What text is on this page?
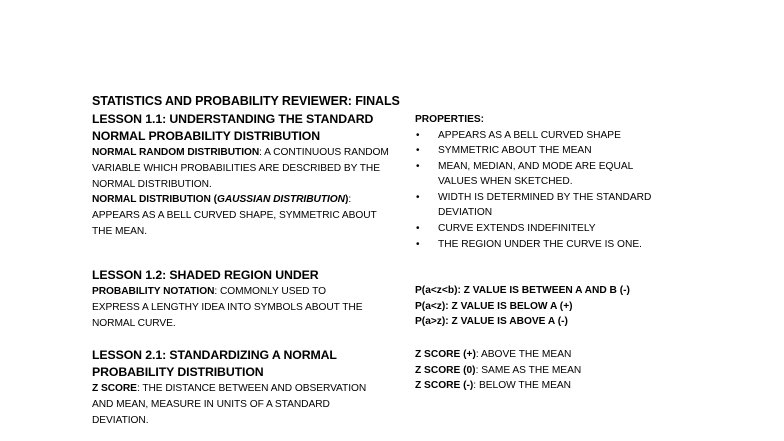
STATISTICS AND PROBABILITY REVIEWER: FINALS
LESSON 1.1: UNDERSTANDING THE STANDARD NORMAL PROBABILITY DISTRIBUTION
NORMAL RANDOM DISTRIBUTION: A CONTINUOUS RANDOM VARIABLE WHICH PROBABILITIES ARE DESCRIBED BY THE NORMAL DISTRIBUTION.
NORMAL DISTRIBUTION (GAUSSIAN DISTRIBUTION): APPEARS AS A BELL CURVED SHAPE, SYMMETRIC ABOUT THE MEAN.
PROPERTIES:
• APPEARS AS A BELL CURVED SHAPE
• SYMMETRIC ABOUT THE MEAN
• MEAN, MEDIAN, AND MODE ARE EQUAL VALUES WHEN SKETCHED.
• WIDTH IS DETERMINED BY THE STANDARD DEVIATION
• CURVE EXTENDS INDEFINITELY
• THE REGION UNDER THE CURVE IS ONE.
LESSON 1.2: SHADED REGION UNDER
PROBABILITY NOTATION: COMMONLY USED TO EXPRESS A LENGTHY IDEA INTO SYMBOLS ABOUT THE NORMAL CURVE.
P(a<z<b): Z VALUE IS BETWEEN A AND B (-)
P(a<z): Z VALUE IS BELOW A (+)
P(a>z): Z VALUE IS ABOVE A (-)
LESSON 2.1: STANDARDIZING A NORMAL PROBABILITY DISTRIBUTION
Z SCORE: THE DISTANCE BETWEEN AND OBSERVATION AND MEAN, MEASURE IN UNITS OF A STANDARD DEVIATION.
Z SCORE (+): ABOVE THE MEAN
Z SCORE (0): SAME AS THE MEAN
Z SCORE (-): BELOW THE MEAN
